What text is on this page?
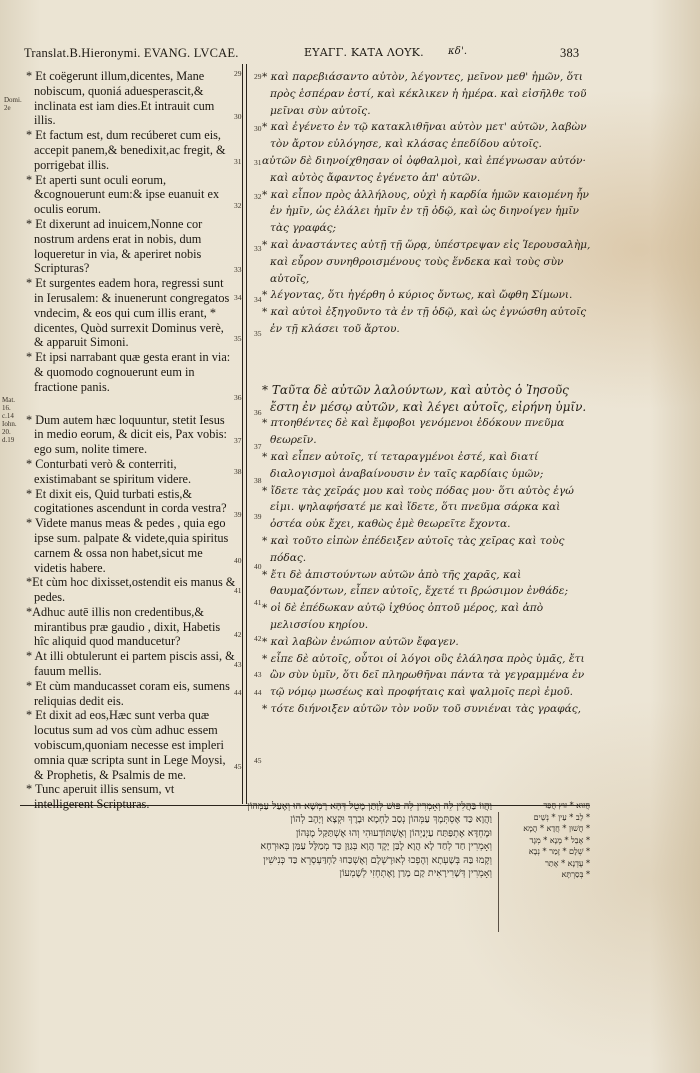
Translat.B.Hieronymi. EVANG. LVCAE.	ΕΥΑΓΓ. ΚΑΤΑ ΛΟΥΚ. κδ'.	383
Domi. 2e
Mat. 16. c.14 Iohn. 20. d.19

* Et coëgerunt illum,dicentes, Mane nobiscum, quoniá aduesperascit,& inclinata est iam dies.Et intrauit cum illis.

* Et factum est, dum recúberet cum eis, accepit panem,& benedixit,ac fregit, & porrigebat illis.

* Et aperti sunt oculi eorum, &cognouerunt eum:& ipse euanuit ex oculis eorum.

* Et dixerunt ad inuicem,Nonne cor nostrum ardens erat in nobis, dum loqueretur in via, & aperiret nobis Scripturas?

* Et surgentes eadem hora, regressi sunt in Ierusalem: & inuenerunt congregatos vndecim, & eos qui cum illis erant, * dicentes, Quòd surrexit Dominus verè, & apparuit Simoni.

* Et ipsi narrabant quæ gesta erant in via: & quomodo cognouerunt eum in fractione panis.

* Dum autem hæc loquuntur, stetit Iesus in medio eorum, & dicit eis, Pax vobis: ego sum, nolite timere.

* Conturbati verò & conterriti, existimabant se spiritum videre.

* Et dixit eis, Quid turbati estis,& cogitationes ascendunt in corda vestra?

* Videte manus meas & pedes , quia ego ipse sum. palpate & videte,quia spiritus carnem & ossa non habet,sicut me videtis habere.

*Et cùm hoc dixisset,ostendit eis manus & pedes.

*Adhuc autē illis non credentibus,& mirantibus præ gaudio , dixit, Habetis hîc aliquid quod manducetur?

* At illi obtulerunt ei partem piscis assi, & fauum mellis.

* Et cùm manducasset coram eis, sumens reliquias dedit eis.

* Et dixit ad eos,Hæc sunt verba quæ locutus sum ad vos cùm adhuc essem vobiscum,quoniam necesse est impleri omnia quæ scripta sunt in Lege Moysi, & Prophetis, & Psalmis de me.

* Tunc aperuit illis sensum, vt intelligerent Scripturas.

29
30
31
32
33
34
35
36
37
38
39
40
41
42
43
44
45
29
30
31
32
33
34
35
36
37
38
39
40
41
42
43
44
45

* καὶ παρεβιάσαντο αὐτὸν, λέγοντες, μεῖνον μεθ' ἡμῶν, ὅτι πρὸς ἑσπέραν ἐστί, καὶ κέκλικεν ἡ ἡμέρα. καὶ εἰσῆλθε τοῦ μεῖναι σὺν αὐτοῖς.

* καὶ ἐγένετο ἐν τῷ κατακλιθῆναι αὐτὸν μετ' αὐτῶν, λαβὼν τὸν ἄρτον εὐλόγησε, καὶ κλάσας ἐπεδίδου αὐτοῖς.

αὐτῶν δὲ διηνοίχθησαν οἱ ὀφθαλμοὶ, καὶ ἐπέγνωσαν αὐτόν· καὶ αὐτὸς ἄφαντος ἐγένετο ἀπ' αὐτῶν.

* καὶ εἶπον πρὸς ἀλλήλους, οὐχὶ ἡ καρδία ἡμῶν καιομένη ἦν ἐν ἡμῖν, ὡς ἐλάλει ἡμῖν ἐν τῇ ὁδῷ, καὶ ὡς διηνοίγεν ἡμῖν τὰς γραφάς;

* καὶ ἀναστάντες αὐτῇ τῇ ὥρᾳ, ὑπέστρεψαν εἰς Ἱερουσαλὴμ, καὶ εὗρον συνηθροισμένους τοὺς ἕνδεκα καὶ τοὺς σὺν αὐτοῖς,

* λέγοντας, ὅτι ἠγέρθη ὁ κύριος ὄντως, καὶ ὤφθη Σίμωνι.

* καὶ αὐτοὶ ἐξηγοῦντο τὰ ἐν τῇ ὁδῷ, καὶ ὡς ἐγνώσθη αὐτοῖς ἐν τῇ κλάσει τοῦ ἄρτου.

* Ταῦτα δὲ αὐτῶν λαλούντων, καὶ αὐτὸς ὁ Ἰησοῦς ἔστη ἐν μέσῳ αὐτῶν, καὶ λέγει αὐτοῖς, εἰρήνη ὑμῖν.

* πτοηθέντες δὲ καὶ ἔμφοβοι γενόμενοι ἐδόκουν πνεῦμα θεωρεῖν.

* καὶ εἶπεν αὐτοῖς, τί τεταραγμένοι ἐστέ, καὶ διατί διαλογισμοὶ ἀναβαίνουσιν ἐν ταῖς καρδίαις ὑμῶν;

* ἴδετε τὰς χεῖράς μου καὶ τοὺς πόδας μου· ὅτι αὐτὸς ἐγώ εἰμι. ψηλαφήσατέ με καὶ ἴδετε, ὅτι πνεῦμα σάρκα καὶ ὀστέα οὐκ ἔχει, καθὼς ἐμὲ θεωρεῖτε ἔχοντα.

* καὶ τοῦτο εἰπὼν ἐπέδειξεν αὐτοῖς τὰς χεῖρας καὶ τοὺς πόδας.

* ἔτι δὲ ἀπιστούντων αὐτῶν ἀπὸ τῆς χαρᾶς, καὶ θαυμαζόντων, εἶπεν αὐτοῖς, ἔχετέ τι βρώσιμον ἐνθάδε;

* οἱ δὲ ἐπέδωκαν αὐτῷ ἰχθύος ὀπτοῦ μέρος, καὶ ἀπὸ μελισσίου κηρίου.

* καὶ λαβὼν ἐνώπιον αὐτῶν ἔφαγεν.

* εἶπε δὲ αὐτοῖς, οὗτοι οἱ λόγοι οὓς ἐλάλησα πρὸς ὑμᾶς, ἔτι ὢν σὺν ὑμῖν, ὅτι δεῖ πληρωθῆναι πάντα τὰ γεγραμμένα ἐν τῷ νόμῳ μωσέως καὶ προφήταις καὶ ψαλμοῖς περὶ ἐμοῦ.

* τότε διήνοιξεν αὐτῶν τὸν νοῦν τοῦ συνιέναι τὰς γραφάς,

וַהֲווֹ בַּהֲלִין לֵה וְאָמְרִין לֵה פּוּשׁ לְוָתַן מֶטֻל דְּהָא רָמְשָׁא הוּ וְאֶעַל עַמְּהוֹן

וַהֲוָא כַּד אֶסְתְּמֶךְ עַמְּהוֹן נְסַב לַחְמָא וּבָרֶךְ וּקְצָא וְיָהֶב לְהוֹן

וּמֶחְדָּא אֶתְפַּתַּח עַיְנַיְהוֹן וְאֶשְׁתּוֹדְעוּהִי וְהוּ אֶשְׁתַּקַּל מֶנְּהוֹן

וְאָמְרִין חַד לְחַד לָא הֲוָא לֶבַּן יָקֶד הֲוָא בְּגַוַּן כַּד מְמַלֶּל עַמַּן בְּאוּרְחָא

וְקָמוּ בַּהּ בְּשָׁעְתָא וְהֶפְכוּ לְאוּרֶשְׁלֶם וְאֶשְׁכַּחוּ לַחְדַּעְסְרֵא כַּד כְּנִישִׁין

וְאָמְרִין דְּשָׁרִירָאִית קָם מָרַן וֶאֶתְחְזִי לְשֶׁמְעוֹן

חֲזוּא * זוּץ חֲפַד

* לֵב * עַין * נְשֵׁים

* חֲשׁוּן * חֲדָא * הֲמָא

* אֶבֵל * מֶנָא * מְגָד

* שְׁלָם * זֶמַר * נְבָא

* עֶדְנָא * אֶתַר

* בְּסַרְתָּא
